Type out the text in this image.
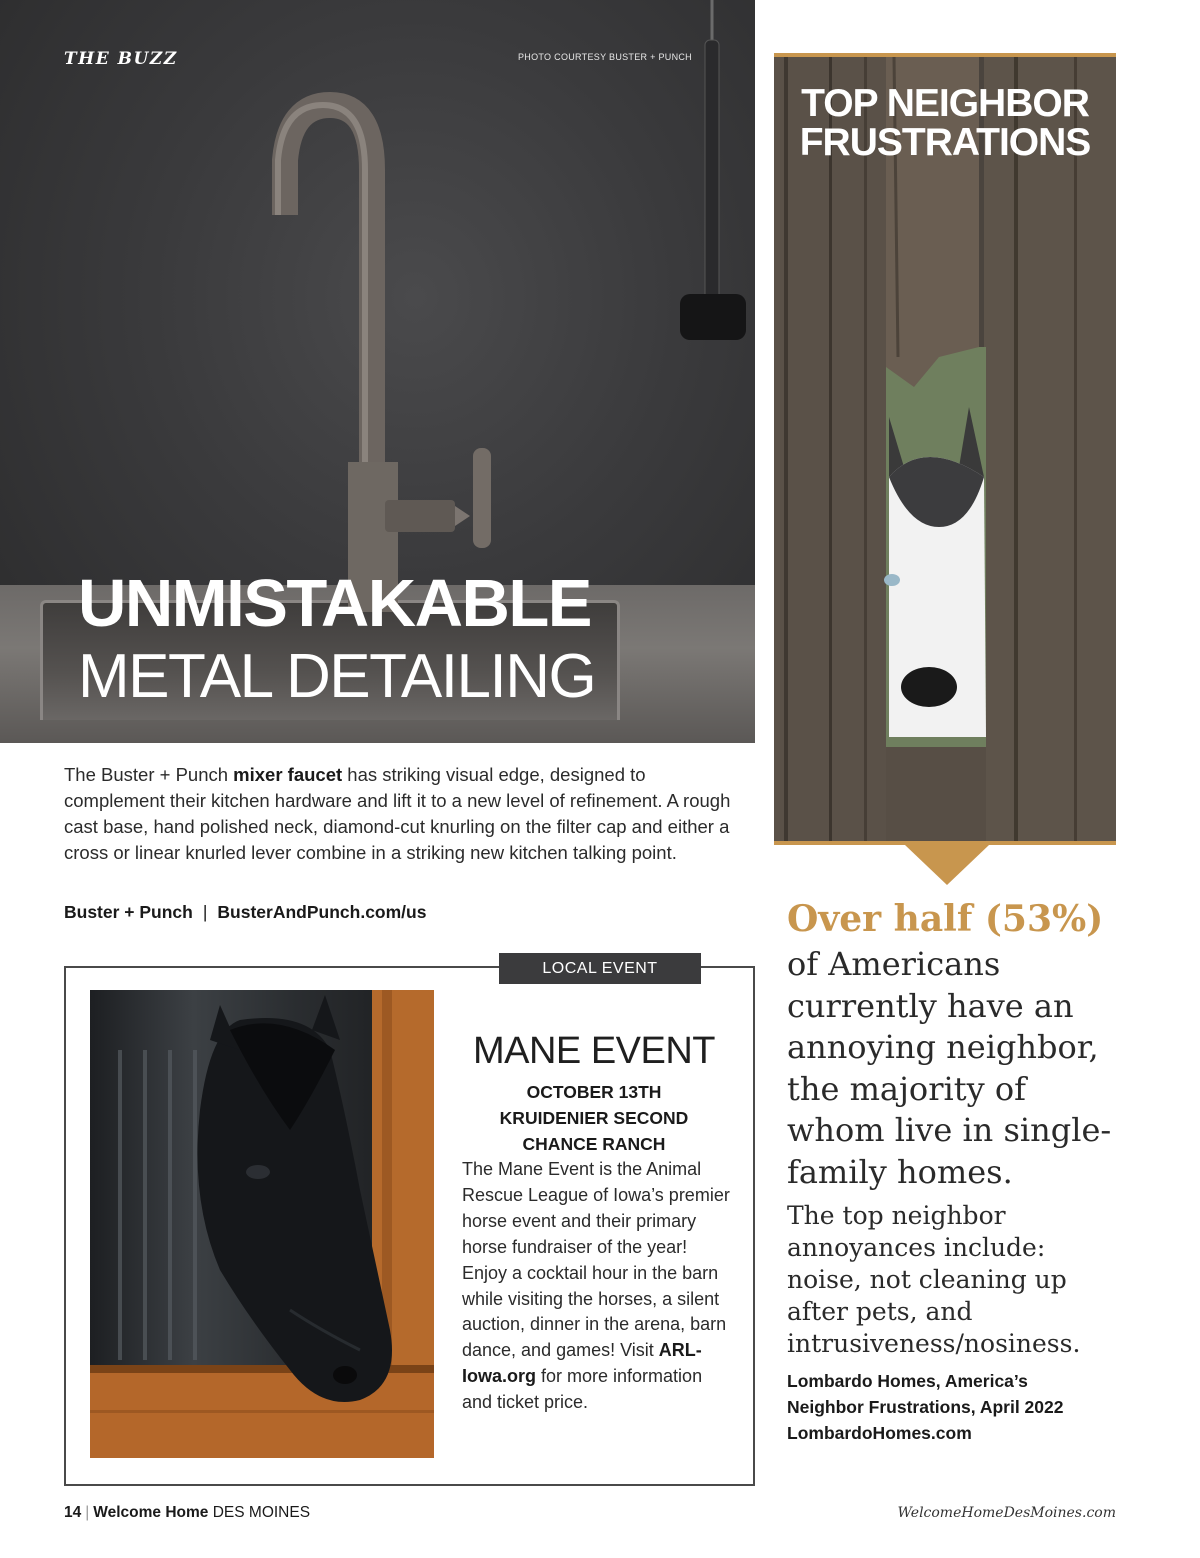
THE BUZZ	PHOTO COURTESY BUSTER + PUNCH
UNMISTAKABLE
METAL DETAILING

The Buster + Punch mixer faucet has striking visual edge, designed to complement their kitchen hardware and lift it to a new level of refinement. A rough cast base, hand polished neck, diamond-cut knurling on the filter cap and either a cross or linear knurled lever combine in a striking new kitchen talking point.

Buster + Punch | BusterAndPunch.com/us
LOCAL EVENT
MANE EVENT
OCTOBER 13TH
KRUIDENIER SECOND CHANCE RANCH

The Mane Event is the Animal Rescue League of Iowa’s premier horse event and their primary horse fundraiser of the year! Enjoy a cocktail hour in the barn while visiting the horses, a silent auction, dinner in the arena, barn dance, and games! Visit ARL-Iowa.org for more information and ticket price.

TOP NEIGHBOR
FRUSTRATIONS
Over half (53%)

of Americans currently have an annoying neighbor, the majority of whom live in single-family homes.

The top neighbor annoyances include: noise, not cleaning up after pets, and intrusiveness/nosiness.

Lombardo Homes, America’s
Neighbor Frustrations, April 2022
LombardoHomes.com
14 | Welcome Home DES MOINES	WelcomeHomeDesMoines.com
